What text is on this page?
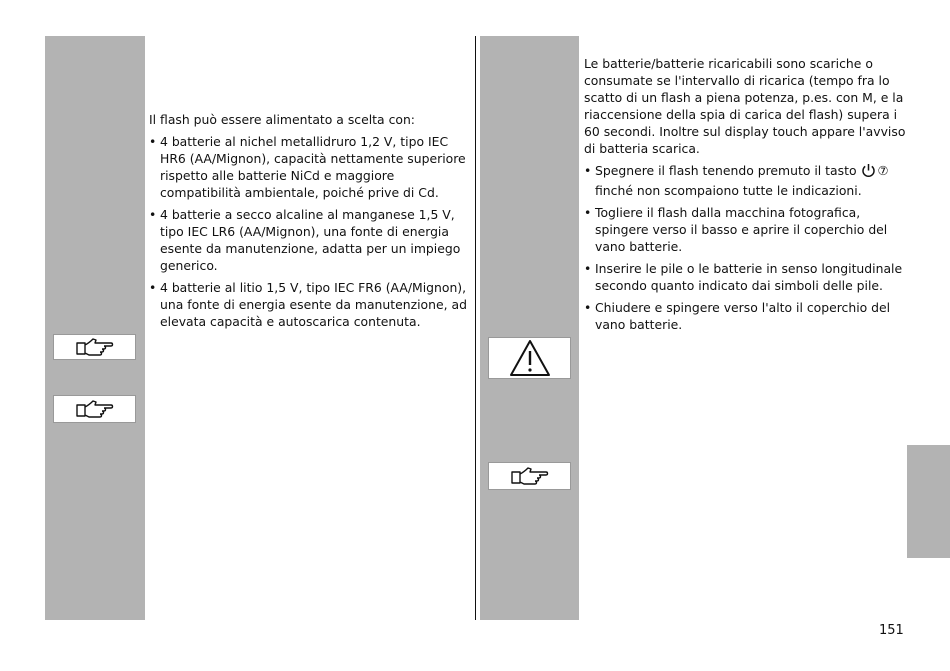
Il flash può essere alimentato a scelta con:

• 4 batterie al nichel metallidruro 1,2 V, tipo IEC HR6 (AA/Mignon), capacità nettamente superiore rispetto alle batterie NiCd e maggiore compatibilità ambientale, poiché prive di Cd.
• 4 batterie a secco alcaline al manganese 1,5 V, tipo IEC LR6 (AA/Mignon), una fonte di energia esente da manutenzione, adatta per un impiego generico.
• 4 batterie al litio 1,5 V, tipo IEC FR6 (AA/Mignon), una fonte di energia esente da manutenzione, ad elevata capacità e autoscarica contenuta.

Le batterie/batterie ricaricabili sono scariche o consumate se l'intervallo di ricarica (tempo fra lo scatto di un flash a piena potenza, p.es. con M, e la riaccensione della spia di carica del flash) supera i 60 secondi. Inoltre sul display touch appare l'avviso di batteria scarica.

• Spegnere il flash tenendo premuto il tasto ⑦ finché non scompaiono tutte le indicazioni.
• Togliere il flash dalla macchina fotografica, spingere verso il basso e aprire il coperchio del vano batterie.
• Inserire le pile o le batterie in senso longitudinale secondo quanto indicato dai simboli delle pile.
• Chiudere e spingere verso l'alto il coperchio del vano batterie.
151
